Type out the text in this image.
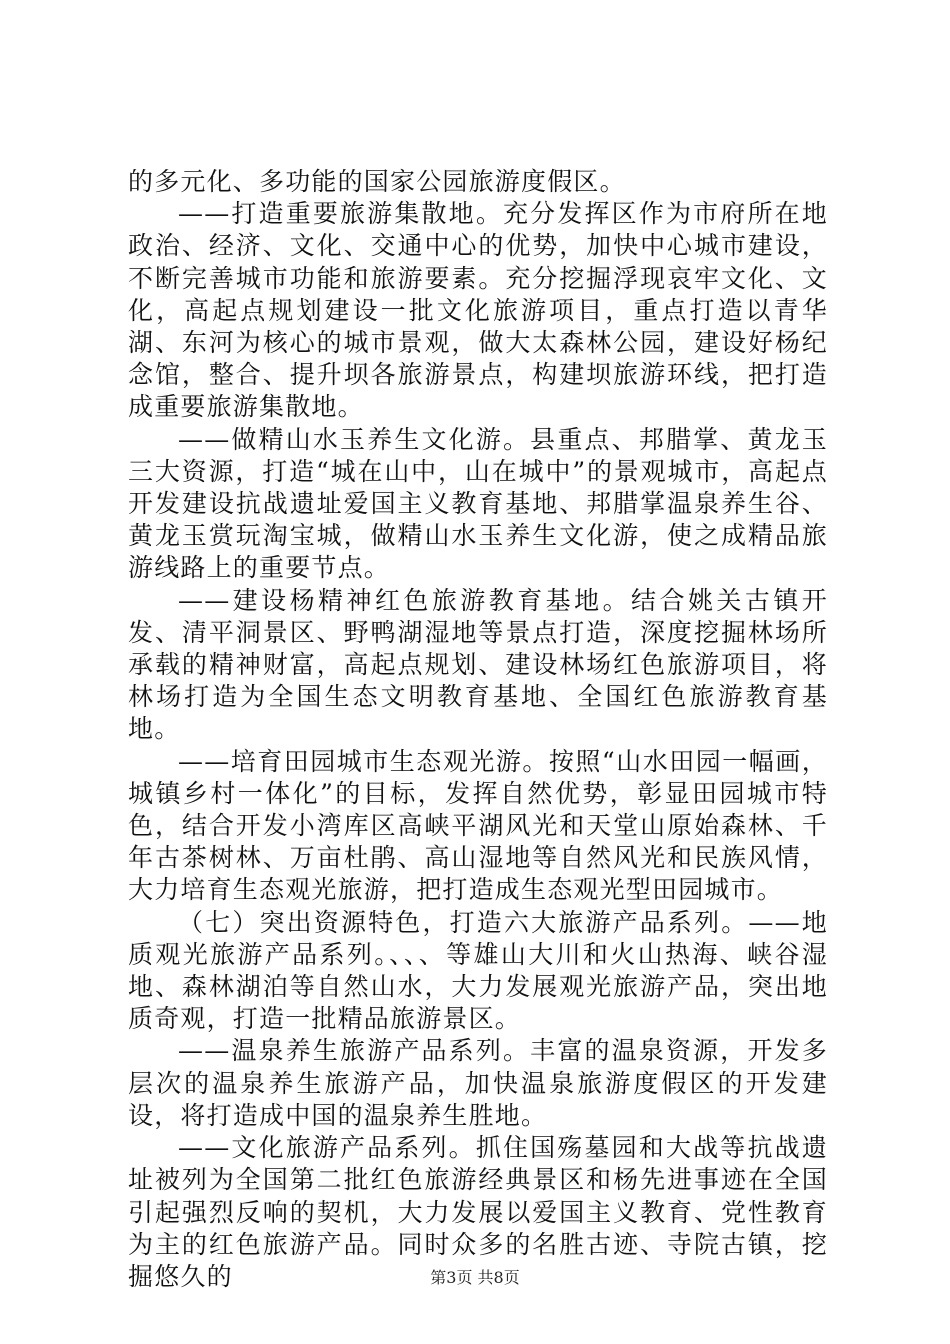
的多元化、多功能的国家公园旅游度假区。

——打造重要旅游集散地。充分发挥区作为市府所在地政治、经济、文化、交通中心的优势，加快中心城市建设，不断完善城市功能和旅游要素。充分挖掘浮现哀牢文化、文化，高起点规划建设一批文化旅游项目，重点打造以青华湖、东河为核心的城市景观，做大太森林公园，建设好杨纪念馆，整合、提升坝各旅游景点，构建坝旅游环线，把打造成重要旅游集散地。

——做精山水玉养生文化游。县重点、邦腊掌、黄龙玉三大资源，打造“城在山中，山在城中”的景观城市，高起点开发建设抗战遗址爱国主义教育基地、邦腊掌温泉养生谷、黄龙玉赏玩淘宝城，做精山水玉养生文化游，使之成精品旅游线路上的重要节点。

——建设杨精神红色旅游教育基地。结合姚关古镇开发、清平洞景区、野鸭湖湿地等景点打造，深度挖掘林场所承载的精神财富，高起点规划、建设林场红色旅游项目，将林场打造为全国生态文明教育基地、全国红色旅游教育基地。

——培育田园城市生态观光游。按照“山水田园一幅画，城镇乡村一体化”的目标，发挥自然优势，彰显田园城市特色，结合开发小湾库区高峡平湖风光和天堂山原始森林、千年古茶树林、万亩杜鹃、高山湿地等自然风光和民族风情，大力培育生态观光旅游，把打造成生态观光型田园城市。

（七）突出资源特色，打造六大旅游产品系列。——地质观光旅游产品系列。、、、等雄山大川和火山热海、峡谷湿地、森林湖泊等自然山水，大力发展观光旅游产品，突出地质奇观，打造一批精品旅游景区。

——温泉养生旅游产品系列。丰富的温泉资源，开发多层次的温泉养生旅游产品，加快温泉旅游度假区的开发建设，将打造成中国的温泉养生胜地。

——文化旅游产品系列。抓住国殇墓园和大战等抗战遗址被列为全国第二批红色旅游经典景区和杨先进事迹在全国引起强烈反响的契机，大力发展以爱国主义教育、党性教育为主的红色旅游产品。同时众多的名胜古迹、寺院古镇，挖掘悠久的	第3页 共8页
